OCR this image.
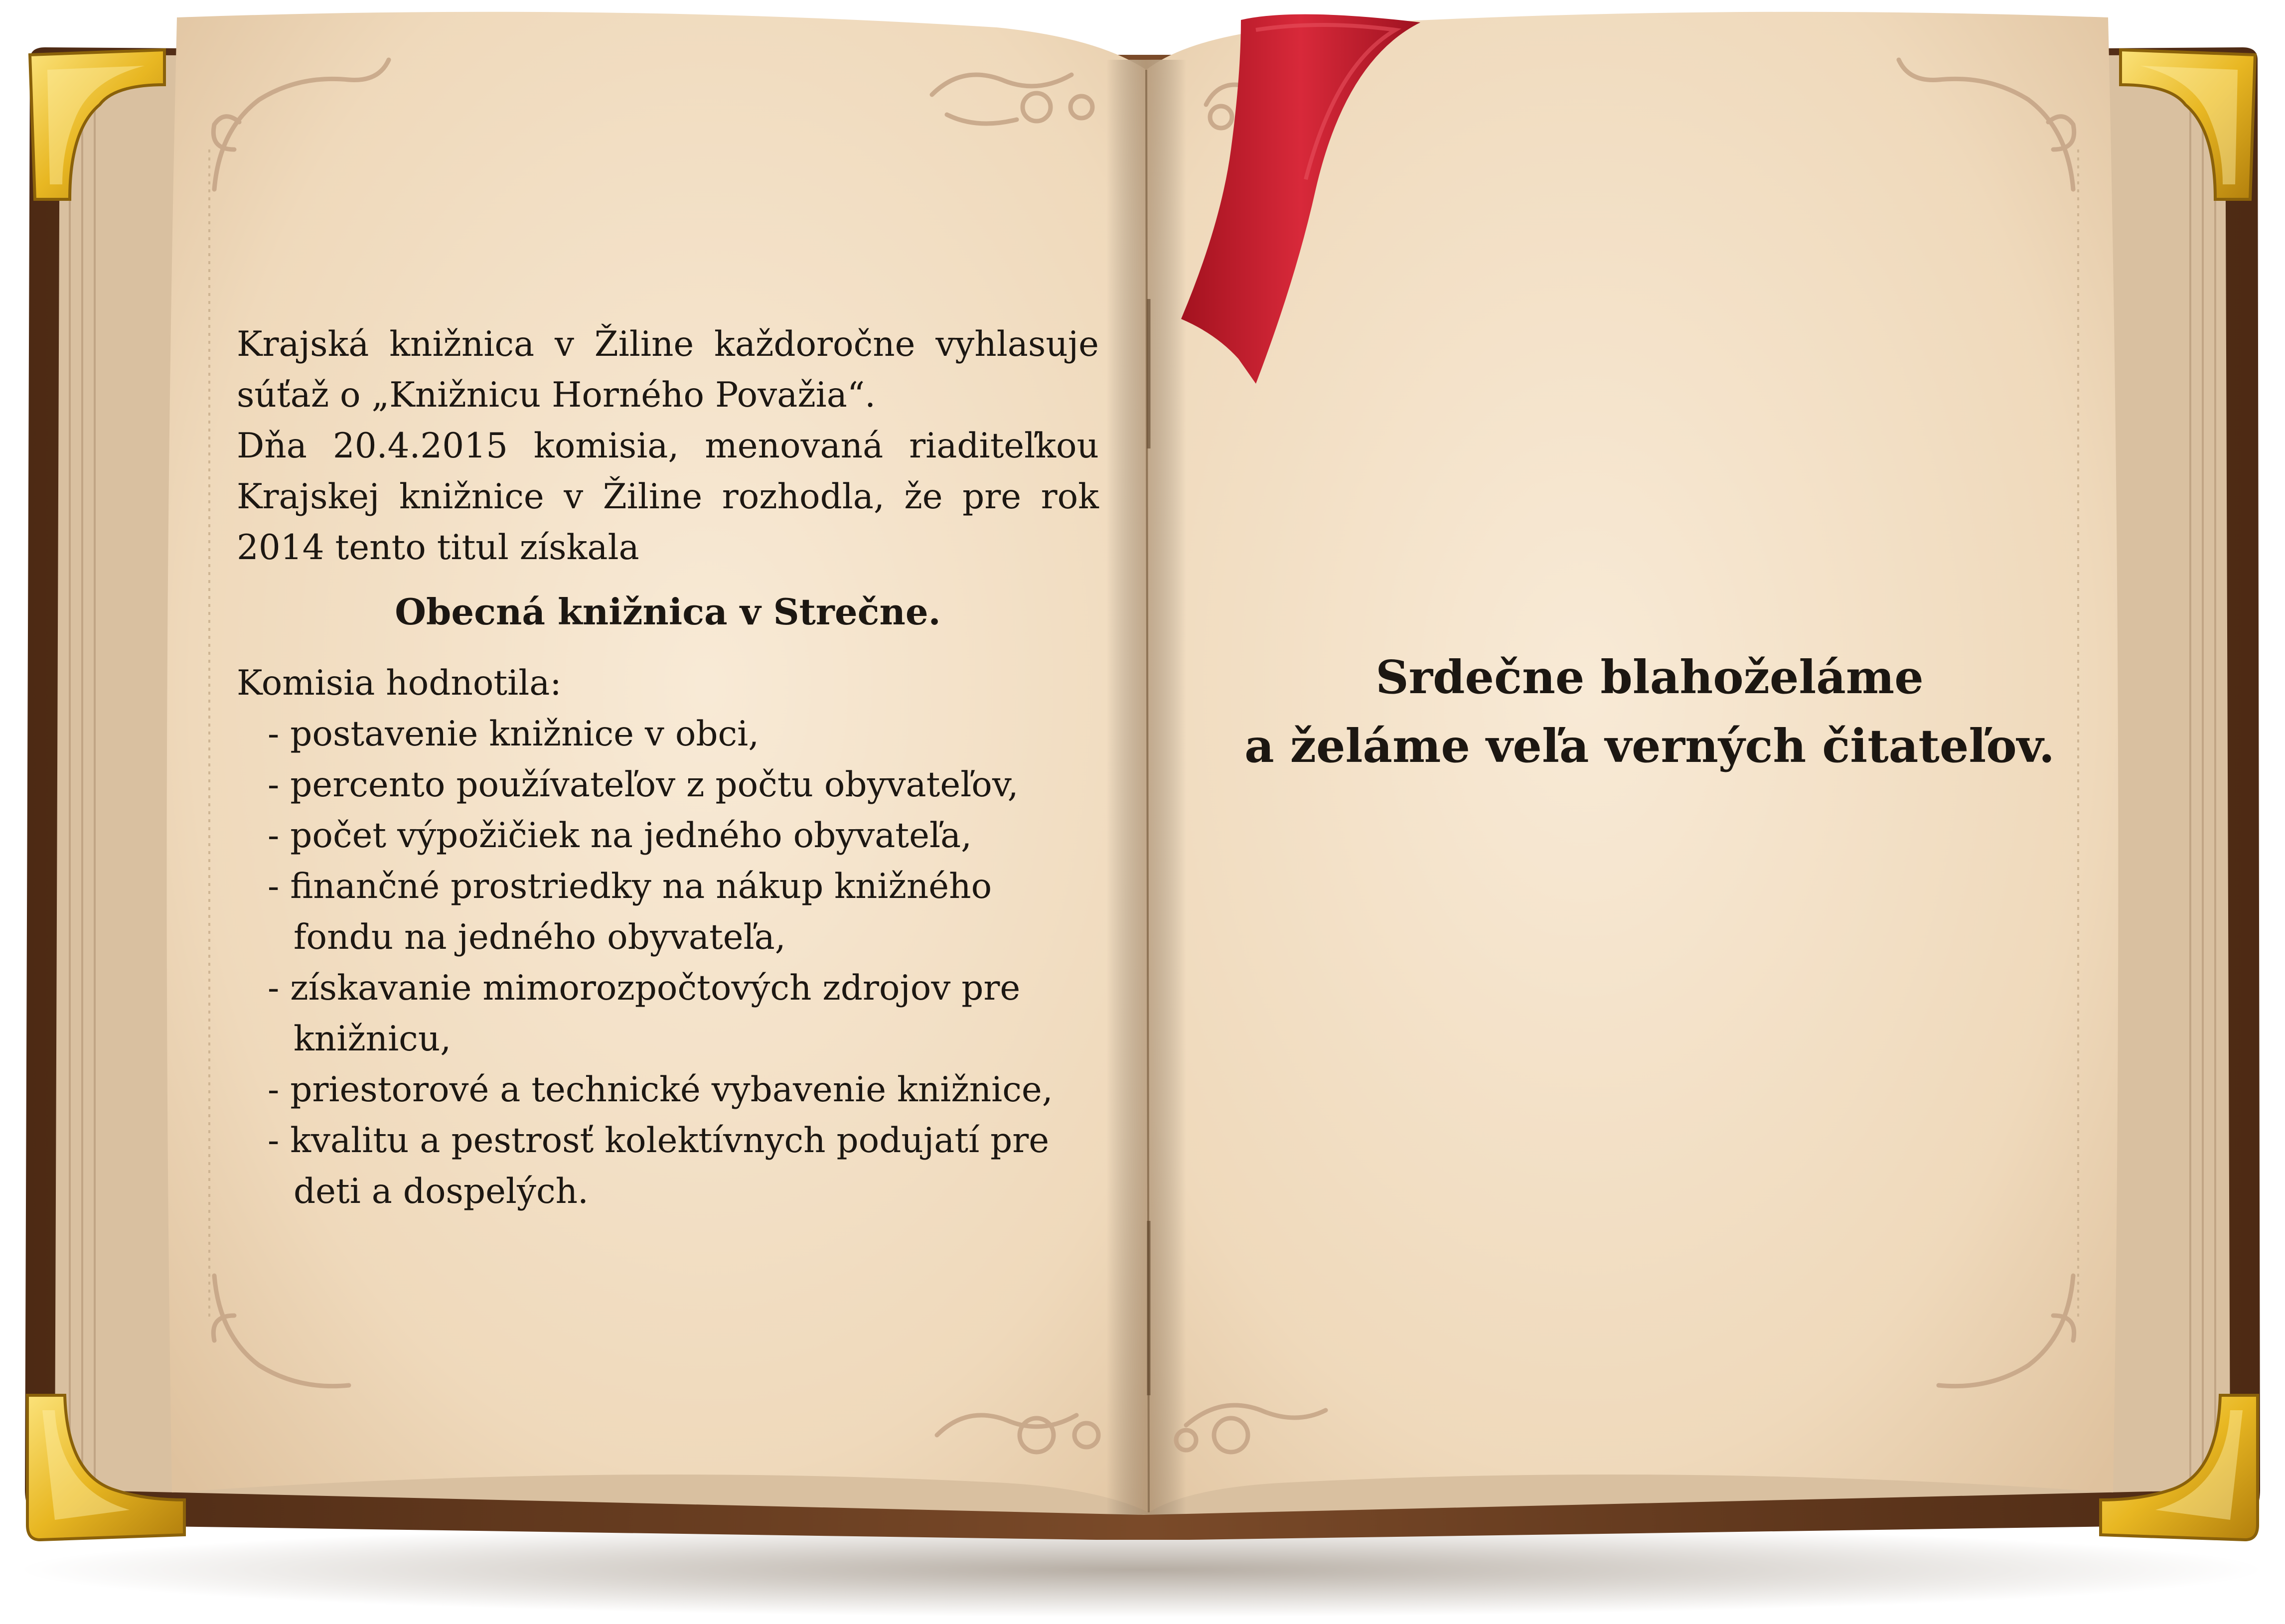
Krajská knižnica v Žiline každoročne vyhlasuje súťaž o „Knižnicu Horného Považia“.

Dňa 20.4.2015 komisia, menovaná riaditeľkou Krajskej knižnice v Žiline rozhodla, že pre rok 2014 tento titul získala

Obecná knižnica v Strečne.

Komisia hodnotila:

- postavenie knižnice v obci,
- percento používateľov z počtu obyvateľov,
- počet výpožičiek na jedného obyvateľa,
- finančné prostriedky na nákup knižného fondu na jedného obyvateľa,
- získavanie mimorozpočtových zdrojov pre knižnicu,
- priestorové a technické vybavenie knižnice,
- kvalitu a pestrosť kolektívnych podujatí pre deti a dospelých.
Srdečne blahoželáme
a želáme veľa verných čitateľov.
